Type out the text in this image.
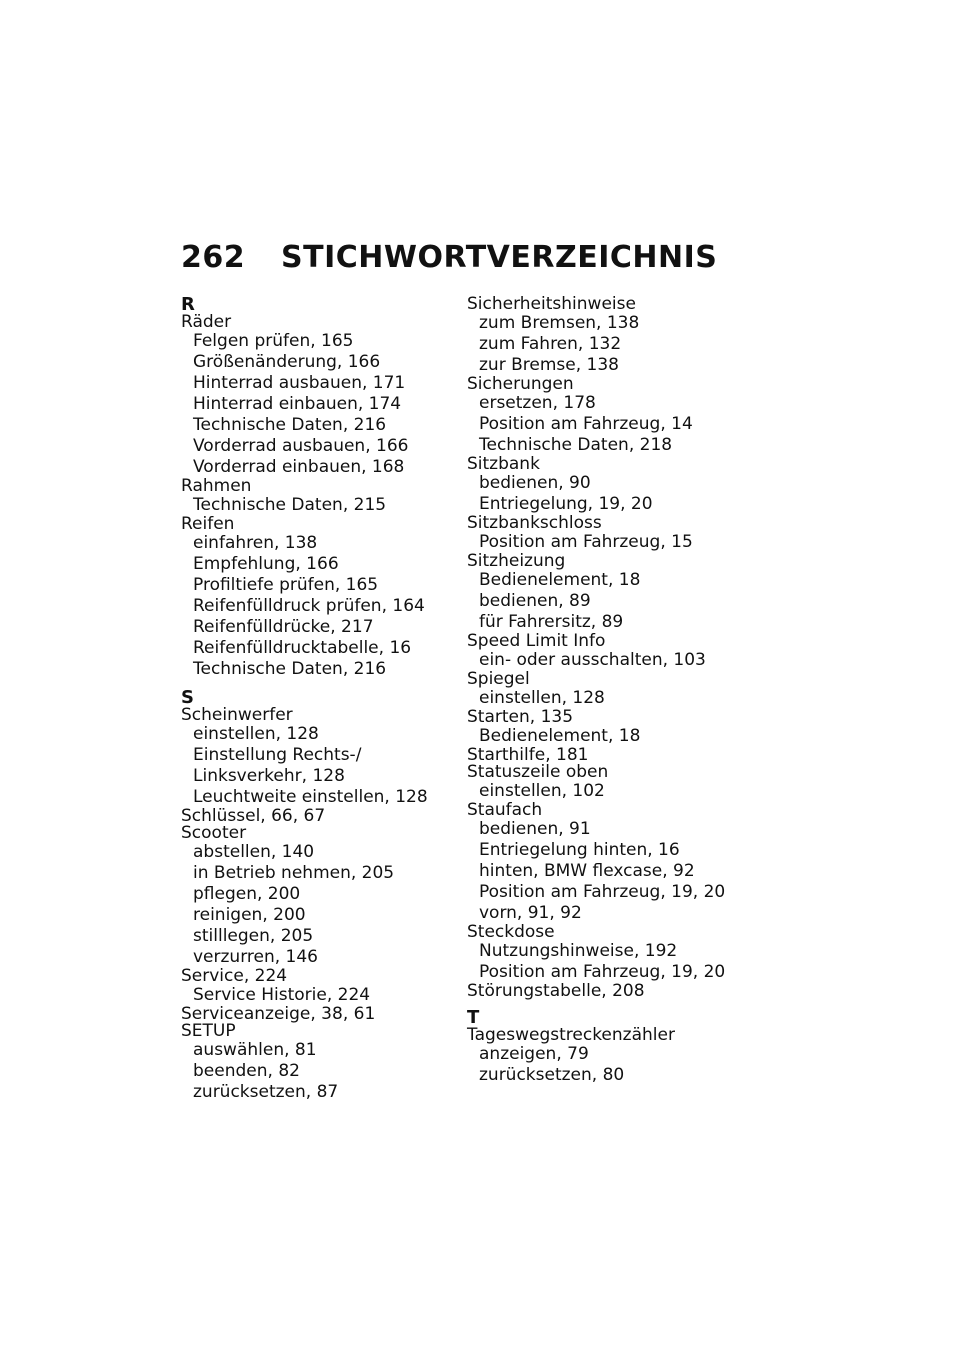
262 STICHWORTVERZEICHNIS
R
Räder
Felgen prüfen, 165
Größenänderung, 166
Hinterrad ausbauen, 171
Hinterrad einbauen, 174
Technische Daten, 216
Vorderrad ausbauen, 166
Vorderrad einbauen, 168
Rahmen
Technische Daten, 215
Reifen
einfahren, 138
Empfehlung, 166
Profiltiefe prüfen, 165
Reifenfülldruck prüfen, 164
Reifenfülldrücke, 217
Reifenfülldrucktabelle, 16
Technische Daten, 216
S
Scheinwerfer
einstellen, 128
Einstellung Rechts-/
Linksverkehr, 128
Leuchtweite einstellen, 128
Schlüssel, 66, 67
Scooter
abstellen, 140
in Betrieb nehmen, 205
pflegen, 200
reinigen, 200
stilllegen, 205
verzurren, 146
Service, 224
Service Historie, 224
Serviceanzeige, 38, 61
SETUP
auswählen, 81
beenden, 82
zurücksetzen, 87
Sicherheitshinweise
zum Bremsen, 138
zum Fahren, 132
zur Bremse, 138
Sicherungen
ersetzen, 178
Position am Fahrzeug, 14
Technische Daten, 218
Sitzbank
bedienen, 90
Entriegelung, 19, 20
Sitzbankschloss
Position am Fahrzeug, 15
Sitzheizung
Bedienelement, 18
bedienen, 89
für Fahrersitz, 89
Speed Limit Info
ein- oder ausschalten, 103
Spiegel
einstellen, 128
Starten, 135
Bedienelement, 18
Starthilfe, 181
Statuszeile oben
einstellen, 102
Staufach
bedienen, 91
Entriegelung hinten, 16
hinten, BMW flexcase, 92
Position am Fahrzeug, 19, 20
vorn, 91, 92
Steckdose
Nutzungshinweise, 192
Position am Fahrzeug, 19, 20
Störungstabelle, 208
T
Tageswegstreckenzähler
anzeigen, 79
zurücksetzen, 80
